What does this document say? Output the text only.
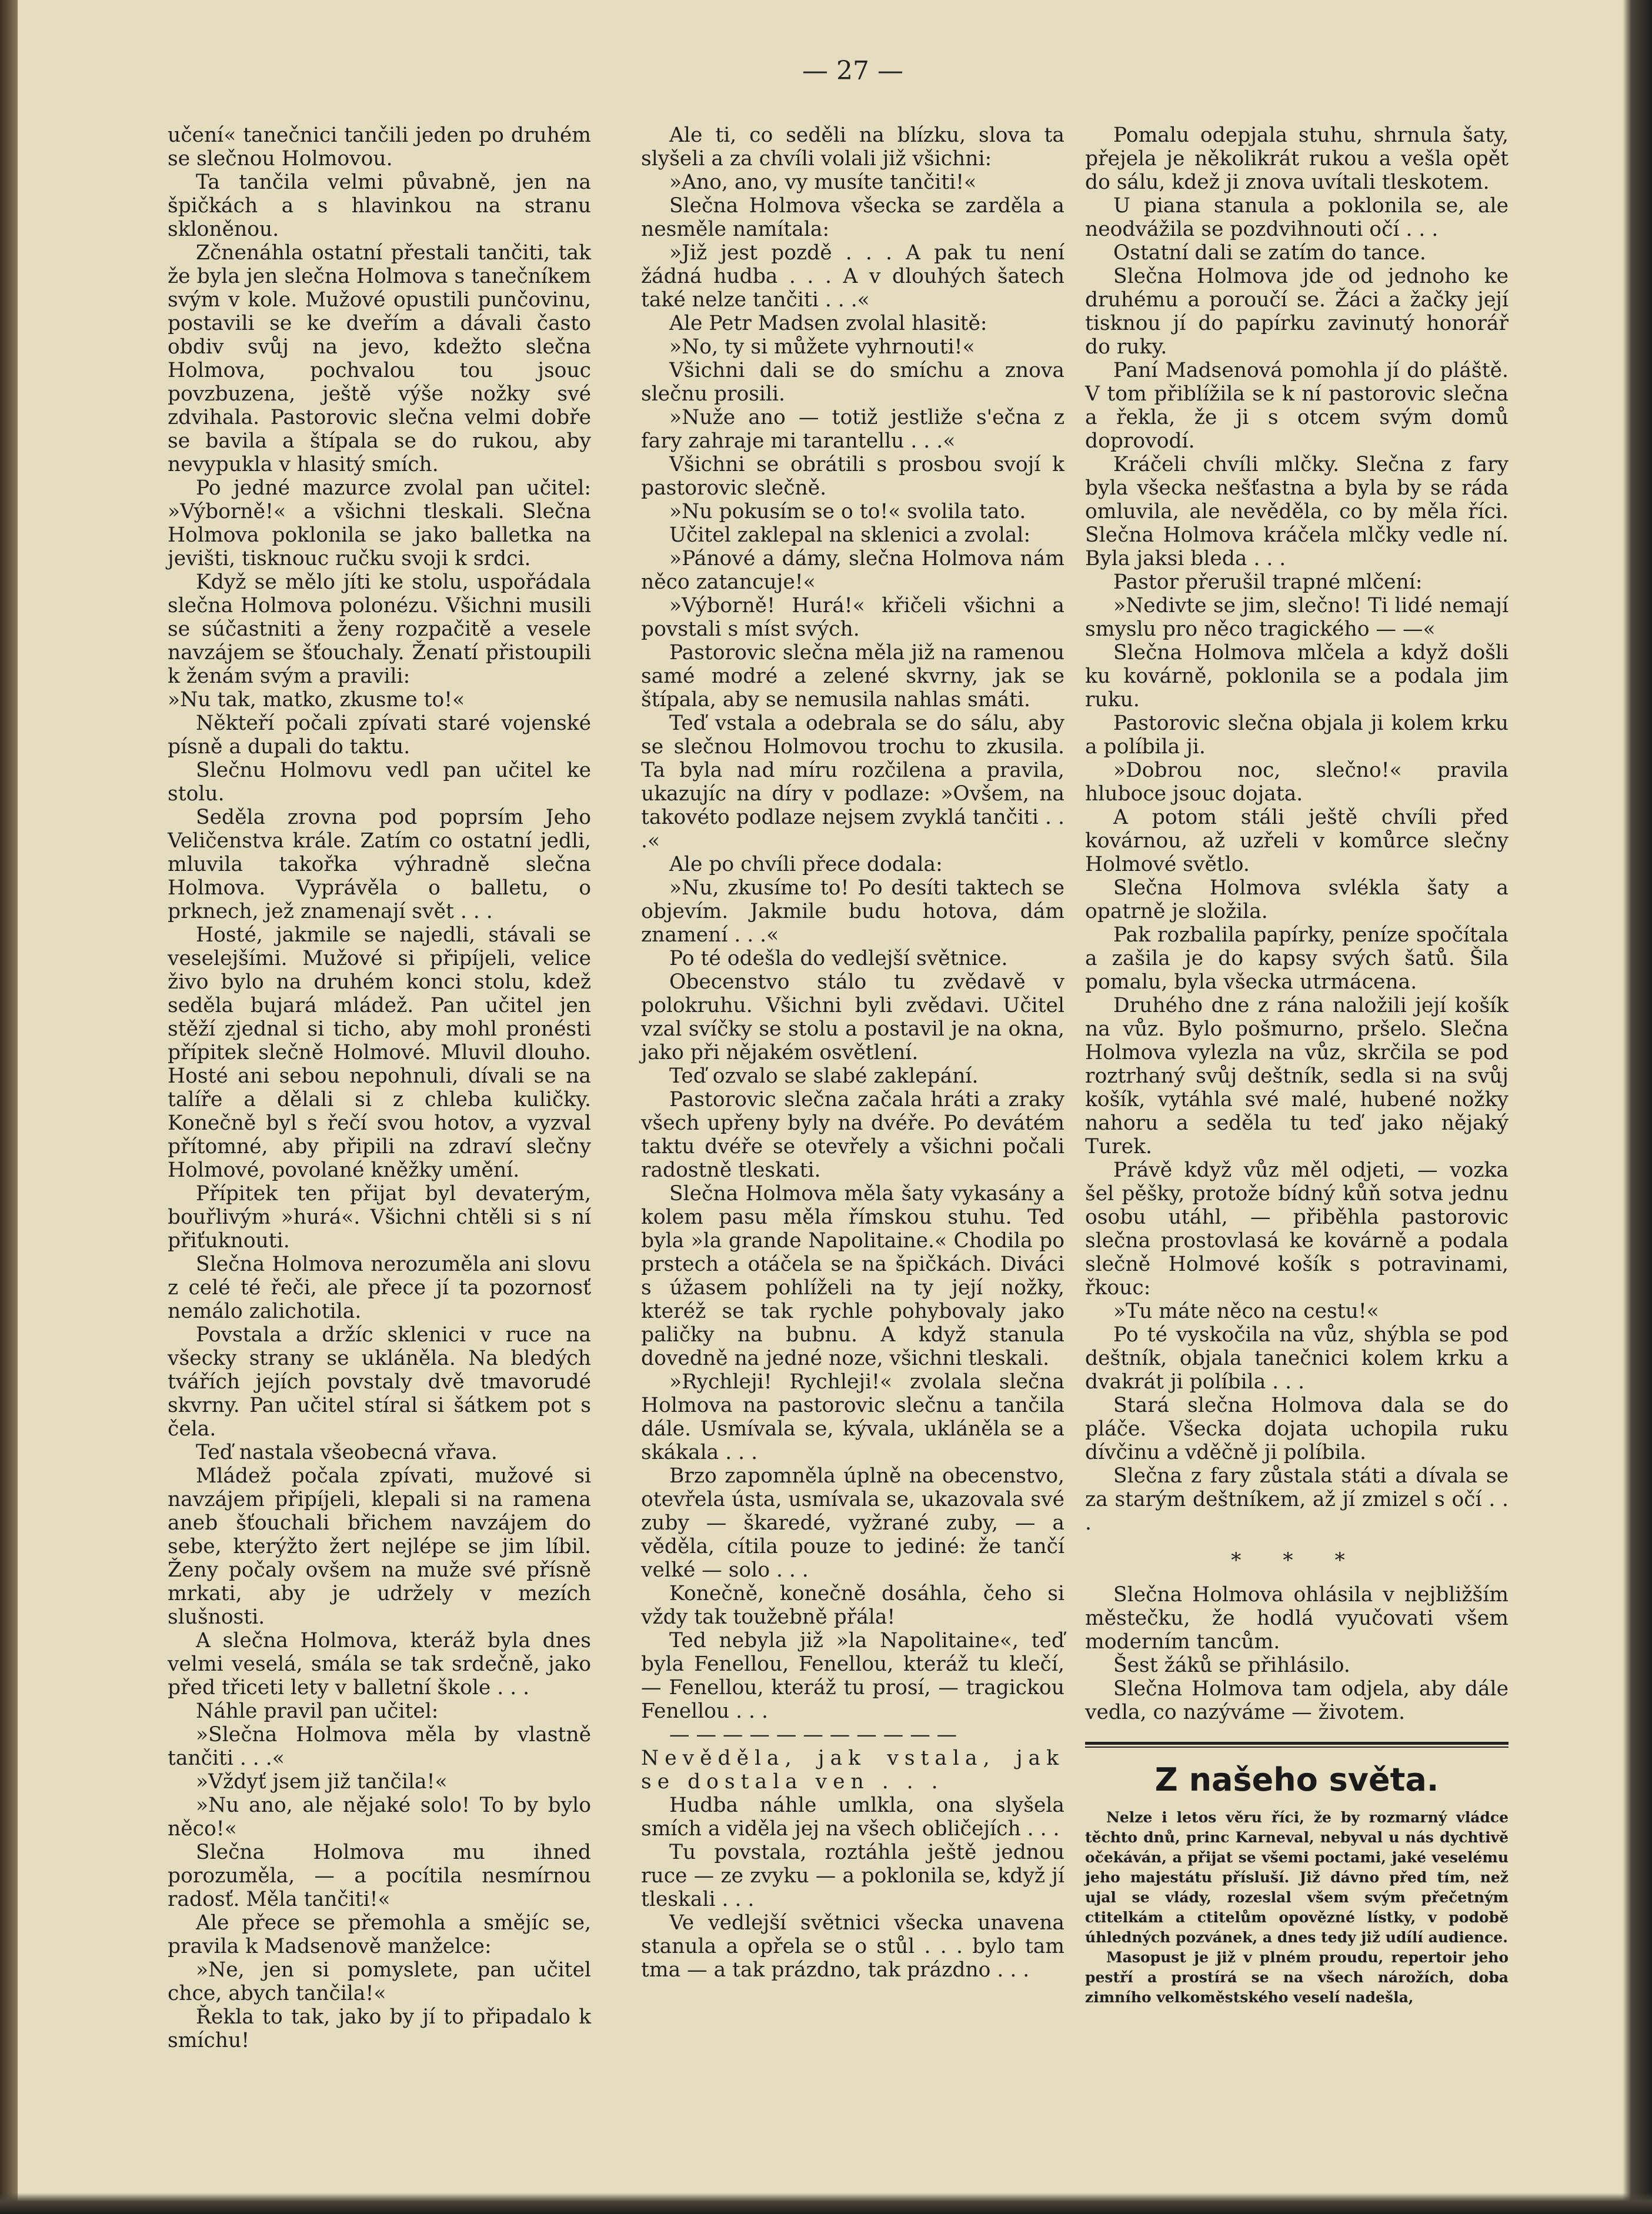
— 27 —

učení« tanečnici tančili jeden po druhém se slečnou Holmovou.

Ta tančila velmi půvabně, jen na špičkách a s hlavinkou na stranu skloněnou.

Zčnenáhla ostatní přestali tančiti, tak že byla jen slečna Holmova s tanečníkem svým v kole. Mužové opustili punčovinu, postavili se ke dveřím a dávali často obdiv svůj na jevo, kdežto slečna Holmova, pochvalou tou jsouc povzbuzena, ještě výše nožky své zdvihala. Pastorovic slečna velmi dobře se bavila a štípala se do rukou, aby nevypukla v hlasitý smích.

Po jedné mazurce zvolal pan učitel: »Výborně!« a všichni tleskali. Slečna Holmova poklonila se jako balletka na jevišti, tisknouc ručku svoji k srdci.

Když se mělo jíti ke stolu, uspořádala slečna Holmova polonézu. Všichni musili se súčastniti a ženy rozpačitě a vesele navzájem se šťouchaly. Ženatí přistoupili k ženám svým a pravili:

»Nu tak, matko, zkusme to!«

Někteří počali zpívati staré vojenské písně a dupali do taktu.

Slečnu Holmovu vedl pan učitel ke stolu.

Seděla zrovna pod poprsím Jeho Veličenstva krále. Zatím co ostatní jedli, mluvila takořka výhradně slečna Holmova. Vyprávěla o balletu, o prknech, jež znamenají svět . . .

Hosté, jakmile se najedli, stávali se veselejšími. Mužové si připíjeli, velice živo bylo na druhém konci stolu, kdež seděla bujará mládež. Pan učitel jen stěží zjednal si ticho, aby mohl pronésti přípitek slečně Holmové. Mluvil dlouho. Hosté ani sebou nepohnuli, dívali se na talíře a dělali si z chleba kuličky. Konečně byl s řečí svou hotov, a vyzval přítomné, aby připili na zdraví slečny Holmové, povolané kněžky umění.

Přípitek ten přijat byl devaterým, bouřlivým »hurá«. Všichni chtěli si s ní přiťuknouti.

Slečna Holmova nerozuměla ani slovu z celé té řeči, ale přece jí ta pozornosť nemálo zalichotila.

Povstala a držíc sklenici v ruce na všecky strany se ukláněla. Na bledých tvářích jejích povstaly dvě tmavorudé skvrny. Pan učitel stíral si šátkem pot s čela.

Teď nastala všeobecná vřava.

Mládež počala zpívati, mužové si navzájem připíjeli, klepali si na ramena aneb šťouchali břichem navzájem do sebe, kterýžto žert nejlépe se jim líbil. Ženy počaly ovšem na muže své přísně mrkati, aby je udržely v mezích slušnosti.

A slečna Holmova, kteráž byla dnes velmi veselá, smála se tak srdečně, jako před třiceti lety v balletní škole . . .

Náhle pravil pan učitel:

»Slečna Holmova měla by vlastně tančiti . . .«

»Vždyť jsem již tančila!«

»Nu ano, ale nějaké solo! To by bylo něco!«

Slečna Holmova mu ihned porozuměla, — a pocítila nesmírnou radosť. Měla tančiti!«

Ale přece se přemohla a smějíc se, pravila k Madsenově manželce:

»Ne, jen si pomyslete, pan učitel chce, abych tančila!«

Řekla to tak, jako by jí to připadalo k smíchu!

Ale ti, co seděli na blízku, slova ta slyšeli a za chvíli volali již všichni:

»Ano, ano, vy musíte tančiti!«

Slečna Holmova všecka se zarděla a nesměle namítala:

»Již jest pozdě . . . A pak tu není žádná hudba . . . A v dlouhých šatech také nelze tančiti . . .«

Ale Petr Madsen zvolal hlasitě:

»No, ty si můžete vyhrnouti!«

Všichni dali se do smíchu a znova slečnu prosili.

»Nuže ano — totiž jestliže s'ečna z fary zahraje mi tarantellu . . .«

Všichni se obrátili s prosbou svojí k pastorovic slečně.

»Nu pokusím se o to!« svolila tato.

Učitel zaklepal na sklenici a zvolal:

»Pánové a dámy, slečna Holmova nám něco zatancuje!«

»Výborně! Hurá!« křičeli všichni a povstali s míst svých.

Pastorovic slečna měla již na ramenou samé modré a zelené skvrny, jak se štípala, aby se nemusila nahlas smáti.

Teď vstala a odebrala se do sálu, aby se slečnou Holmovou trochu to zkusila. Ta byla nad míru rozčilena a pravila, ukazujíc na díry v podlaze: »Ovšem, na takovéto podlaze nejsem zvyklá tančiti . . .«

Ale po chvíli přece dodala:

»Nu, zkusíme to! Po desíti taktech se objevím. Jakmile budu hotova, dám znamení . . .«

Po té odešla do vedlejší světnice.

Obecenstvo stálo tu zvědavě v polokruhu. Všichni byli zvědavi. Učitel vzal svíčky se stolu a postavil je na okna, jako při nějakém osvětlení.

Teď ozvalo se slabé zaklepání.

Pastorovic slečna začala hráti a zraky všech upřeny byly na dvéře. Po devátém taktu dvéře se otevřely a všichni počali radostně tleskati.

Slečna Holmova měla šaty vykasány a kolem pasu měla římskou stuhu. Ted byla »la grande Napolitaine.« Chodila po prstech a otáčela se na špičkách. Diváci s úžasem pohlíželi na ty její nožky, kteréž se tak rychle pohybovaly jako paličky na bubnu. A když stanula dovedně na jedné noze, všichni tleskali.

»Rychleji! Rychleji!« zvolala slečna Holmova na pastorovic slečnu a tančila dále. Usmívala se, kývala, ukláněla se a skákala . . .

Brzo zapomněla úplně na obecenstvo, otevřela ústa, usmívala se, ukazovala své zuby — škaredé, vyžrané zuby, — a věděla, cítila pouze to jediné: že tančí velké — solo . . .

Konečně, konečně dosáhla, čeho si vždy tak toužebně přála!

Ted nebyla již »la Napolitaine«, teď byla Fenellou, Fenellou, kteráž tu klečí, — Fenellou, kteráž tu prosí, — tragickou Fenellou . . .

— — — — — — — — — — —

Nevěděla, jak vstala, jak se dostala ven . . .

Hudba náhle umlkla, ona slyšela smích a viděla jej na všech obličejích . . .

Tu povstala, roztáhla ještě jednou ruce — ze zvyku — a poklonila se, když jí tleskali . . .

Ve vedlejší světnici všecka unavena stanula a opřela se o stůl . . . bylo tam tma — a tak prázdno, tak prázdno . . .

Pomalu odepjala stuhu, shrnula šaty, přejela je několikrát rukou a vešla opět do sálu, kdež ji znova uvítali tleskotem.

U piana stanula a poklonila se, ale neodvážila se pozdvihnouti očí . . .

Ostatní dali se zatím do tance.

Slečna Holmova jde od jednoho ke druhému a poroučí se. Žáci a žačky její tisknou jí do papírku zavinutý honorář do ruky.

Paní Madsenová pomohla jí do pláště. V tom přiblížila se k ní pastorovic slečna a řekla, že ji s otcem svým domů doprovodí.

Kráčeli chvíli mlčky. Slečna z fary byla všecka nešťastna a byla by se ráda omluvila, ale nevěděla, co by měla říci. Slečna Holmova kráčela mlčky vedle ní. Byla jaksi bleda . . .

Pastor přerušil trapné mlčení:

»Nedivte se jim, slečno! Ti lidé nemají smyslu pro něco tragického — —«

Slečna Holmova mlčela a když došli ku kovárně, poklonila se a podala jim ruku.

Pastorovic slečna objala ji kolem krku a políbila ji.

»Dobrou noc, slečno!« pravila hluboce jsouc dojata.

A potom stáli ještě chvíli před kovárnou, až uzřeli v komůrce slečny Holmové světlo.

Slečna Holmova svlékla šaty a opatrně je složila.

Pak rozbalila papírky, peníze spočítala a zašila je do kapsy svých šatů. Šila pomalu, byla všecka utrmácena.

Druhého dne z rána naložili její košík na vůz. Bylo pošmurno, pršelo. Slečna Holmova vylezla na vůz, skrčila se pod roztrhaný svůj deštník, sedla si na svůj košík, vytáhla své malé, hubené nožky nahoru a seděla tu teď jako nějaký Turek.

Právě když vůz měl odjeti, — vozka šel pěšky, protože bídný kůň sotva jednu osobu utáhl, — přiběhla pastorovic slečna prostovlasá ke kovárně a podala slečně Holmové košík s potravinami, řkouc:

»Tu máte něco na cestu!«

Po té vyskočila na vůz, shýbla se pod deštník, objala tanečnici kolem krku a dvakrát ji políbila . . .

Stará slečna Holmova dala se do pláče. Všecka dojata uchopila ruku dívčinu a vděčně ji políbila.

Slečna z fary zůstala státi a dívala se za starým deštníkem, až jí zmizel s očí . . .

* * *

Slečna Holmova ohlásila v nejbližším městečku, že hodlá vyučovati všem moderním tancům.

Šest žáků se přihlásilo.

Slečna Holmova tam odjela, aby dále vedla, co nazýváme — životem.

Z našeho světa.

Nelze i letos věru říci, že by rozmarný vládce těchto dnů, princ Karneval, nebyval u nás dychtivě očekáván, a přijat se všemi poctami, jaké veselému jeho majestátu přísluší. Již dávno před tím, než ujal se vlády, rozeslal všem svým přečetným ctitelkám a ctitelům opovězné lístky, v podobě úhledných pozvánek, a dnes tedy již udílí audience.

Masopust je již v plném proudu, repertoir jeho pestří a prostírá se na všech nárožích, doba zimního velkoměstského veselí nadešla,
